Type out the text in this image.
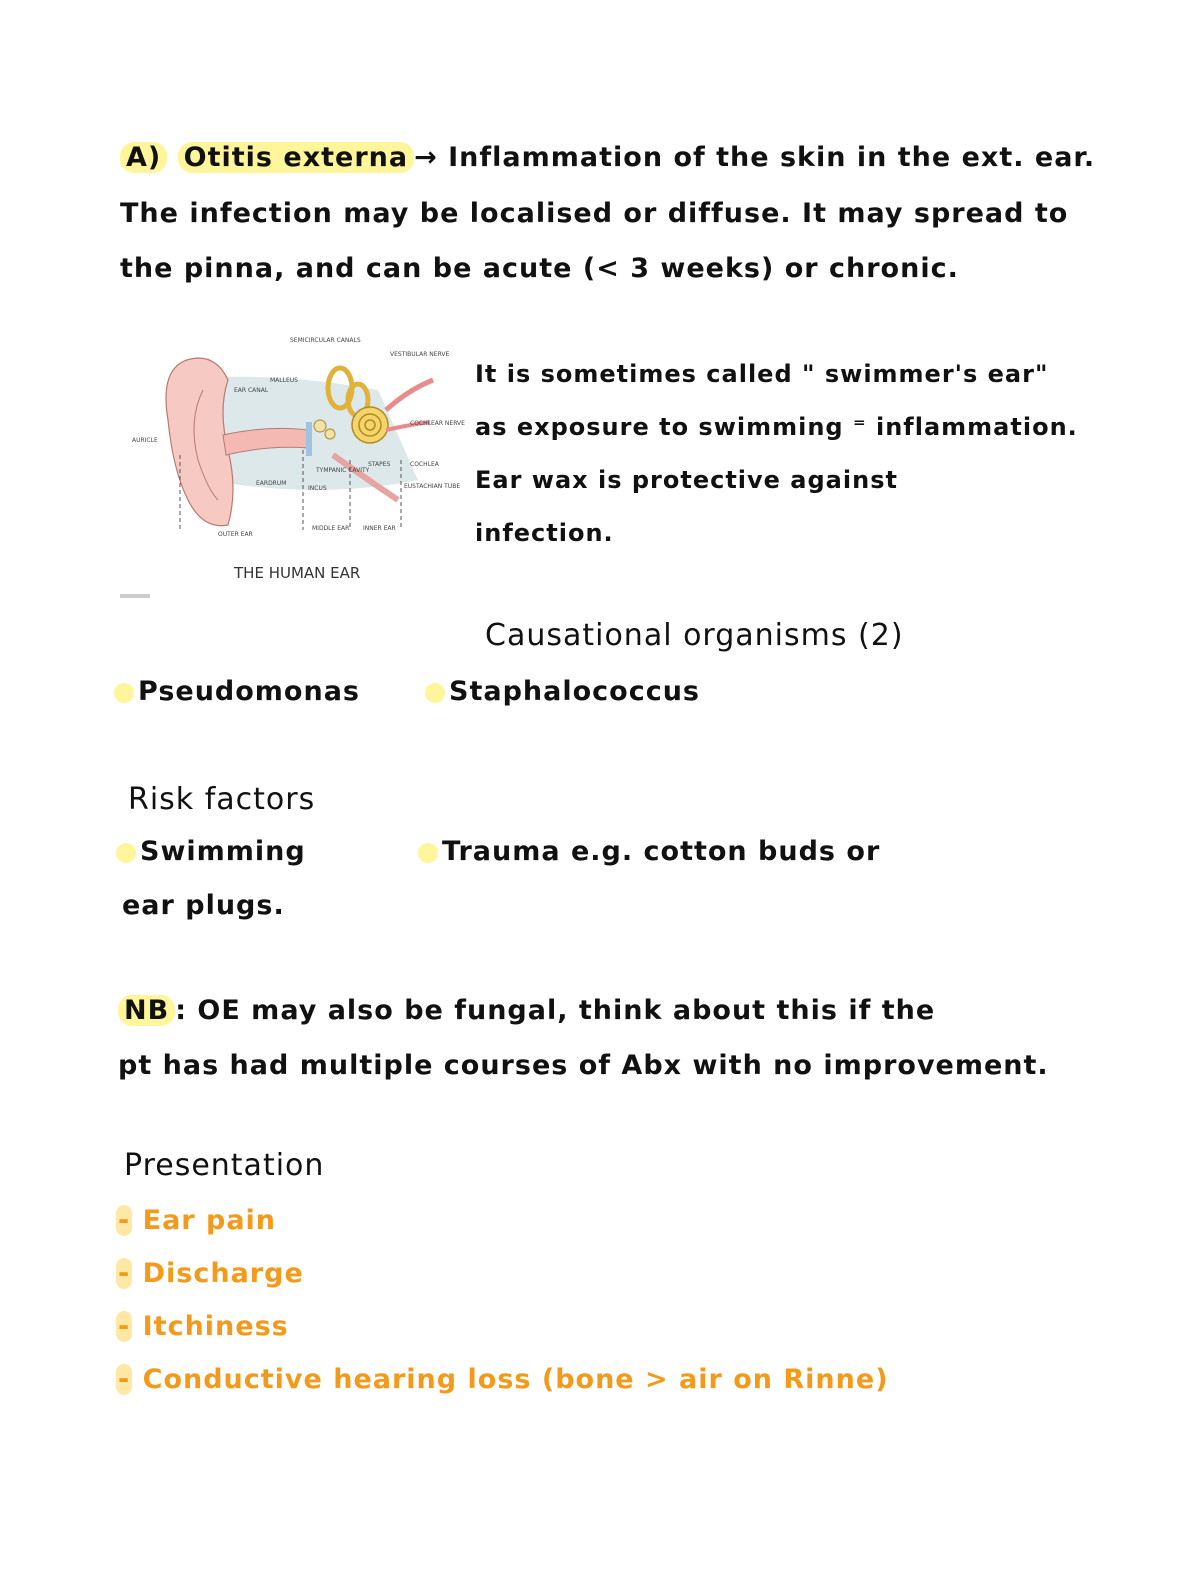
A) Otitis externa → Inflammation of the skin in the ext. ear.
The infection may be localised or diffuse. It may spread to
the pinna, and can be acute (< 3 weeks) or chronic.
SEMICIRCULAR CANALS
VESTIBULAR NERVE
MALLEUS
EAR CANAL
AURICLE
COCHLEAR NERVE
EARDRUM
TYMPANIC CAVITY
INCUS
STAPES	COCHLEA
EUSTACHIAN TUBE
OUTER EAR
MIDDLE EAR INNER EAR
THE HUMAN EAR
It is sometimes called " swimmer's ear"
as exposure to swimming ⁼ inflammation.
Ear wax is protective against
infection.
Causational organisms (2)
Pseudomonas	Staphalococcus
Risk factors
Swimming	Trauma e.g. cotton buds or
ear plugs.
NB : OE may also be fungal, think about this if the
pt has had multiple courses of Abx with no improvement.
Presentation
- Ear pain
- Discharge
- Itchiness
- Conductive hearing loss (bone > air on Rinne)
